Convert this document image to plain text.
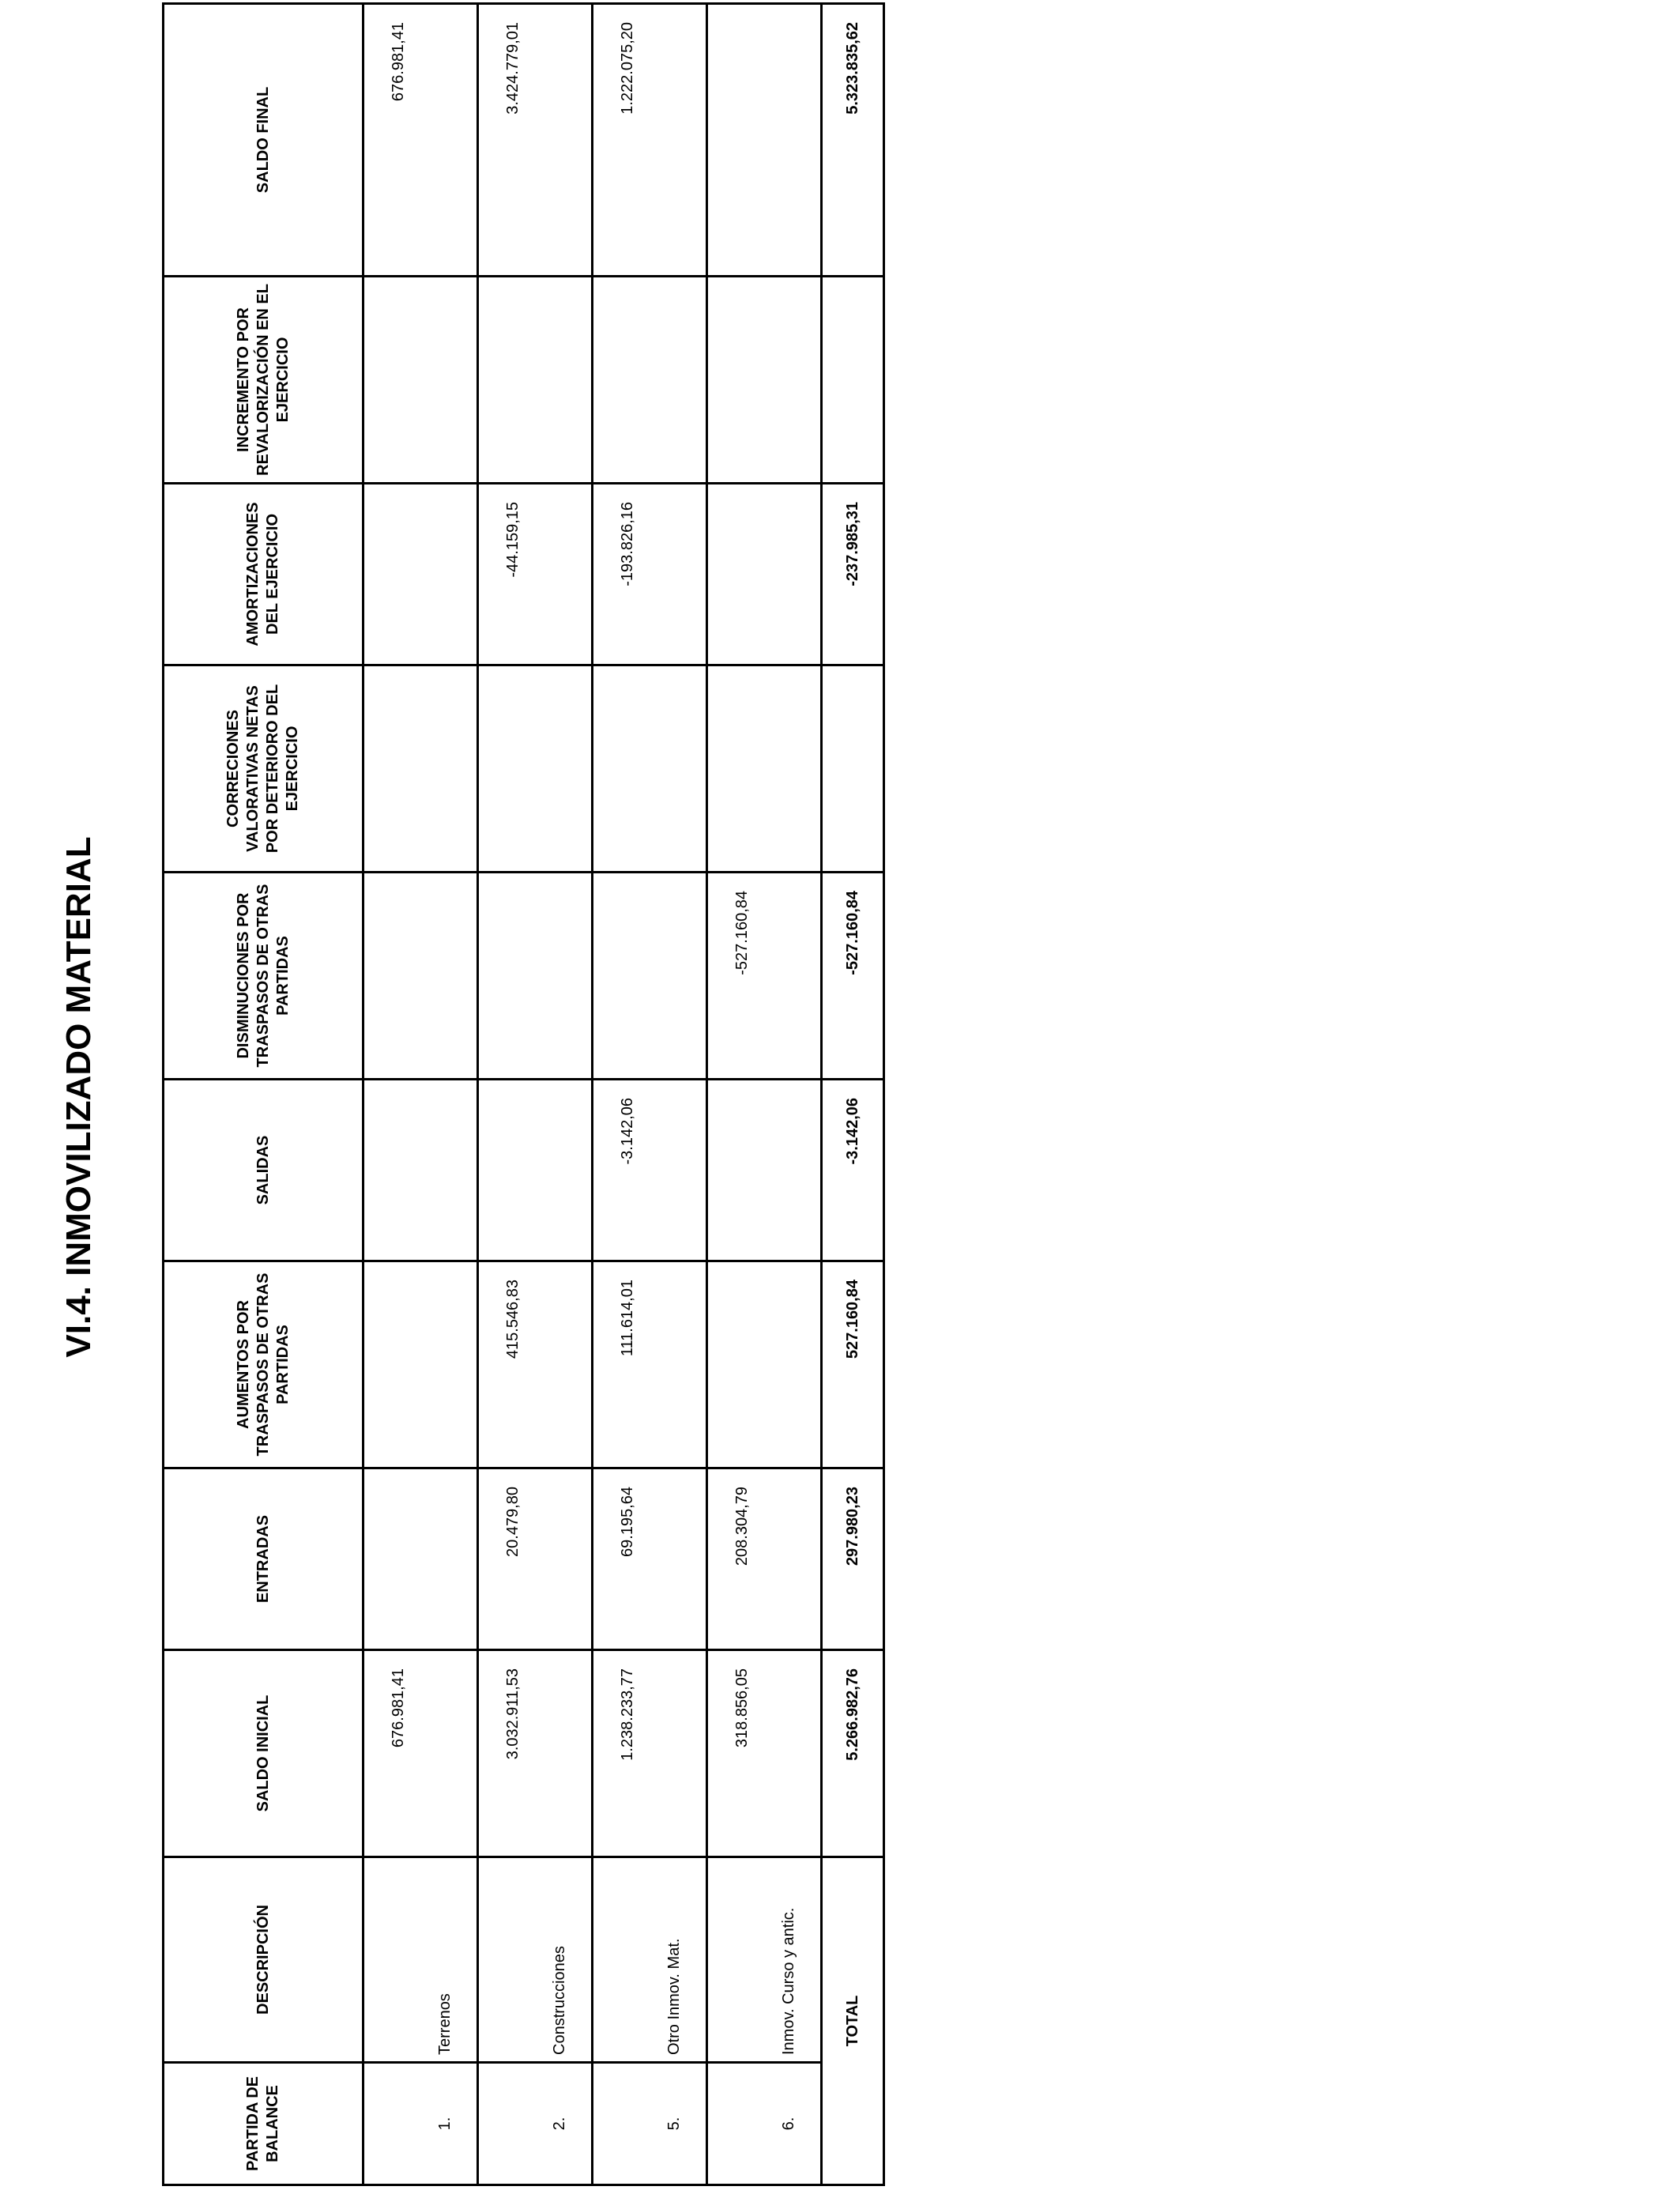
VI.4. INMOVILIZADO MATERIAL
PARTIDA DE BALANCE	DESCRIPCIÓN	SALDO INICIAL	ENTRADAS	AUMENTOS POR TRASPASOS DE OTRAS PARTIDAS	SALIDAS	DISMINUCIONES POR TRASPASOS DE OTRAS PARTIDAS	CORRECIONES VALORATIVAS NETAS POR DETERIORO DEL EJERCICIO	AMORTIZACIONES DEL EJERCICIO	INCREMENTO POR REVALORIZACIÓN EN EL EJERCICIO	SALDO FINAL
1.	Terrenos	676.981,41								676.981,41
2.	Construcciones	3.032.911,53	20.479,80	415.546,83				-44.159,15		3.424.779,01
5.	Otro Inmov. Mat.	1.238.233,77	69.195,64	111.614,01	-3.142,06			-193.826,16		1.222.075,20
6.	Inmov. Curso y antic.	318.856,05	208.304,79			-527.160,84				
TOTAL		5.266.982,76	297.980,23	527.160,84	-3.142,06	-527.160,84		-237.985,31		5.323.835,62
